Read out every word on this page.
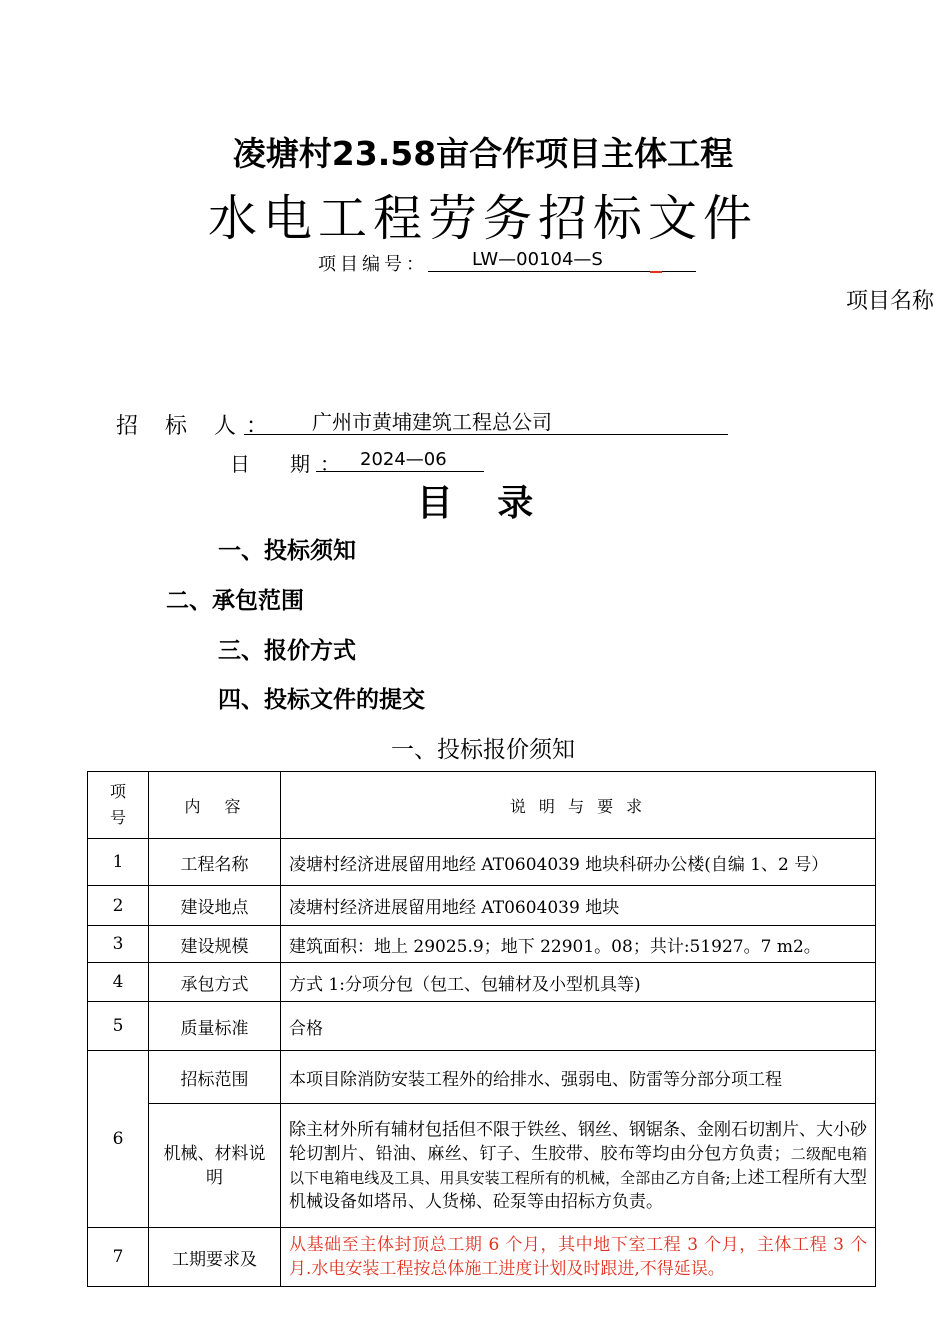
凌塘村23.58亩合作项目主体工程
水电工程劳务招标文件
项目编号：	LW—00104—S
项目名称
招 标 人：	广州市黄埔建筑工程总公司
日　期： 2024—06
目 录
一、投标须知
二、承包范围
三、报价方式
四、投标文件的提交
一、投标报价须知
项号	内　容	说 明 与 要 求
1	工程名称	凌塘村经济进展留用地经 AT0604039 地块科研办公楼(自编 1、2 号）
2	建设地点	凌塘村经济进展留用地经 AT0604039 地块
3	建设规模	建筑面积：地上 29025.9；地下 22901。08；共计:51927。7 m2。
4	承包方式	方式 1:分项分包（包工、包辅材及小型机具等)
5	质量标准	合格
6	招标范围	本项目除消防安装工程外的给排水、强弱电、防雷等分部分项工程
	机械、材料说明	除主材外所有辅材包括但不限于铁丝、钢丝、钢锯条、金刚石切割片、大小砂轮切割片、铅油、麻丝、钉子、生胶带、胶布等均由分包方负责；二级配电箱以下电箱电线及工具、用具安装工程所有的机械，全部由乙方自备;上述工程所有大型机械设备如塔吊、人货梯、砼泵等由招标方负责。
7	工期要求及	从基础至主体封顶总工期 6 个月，其中地下室工程 3 个月，主体工程 3 个月.水电安装工程按总体施工进度计划及时跟进,不得延误。
